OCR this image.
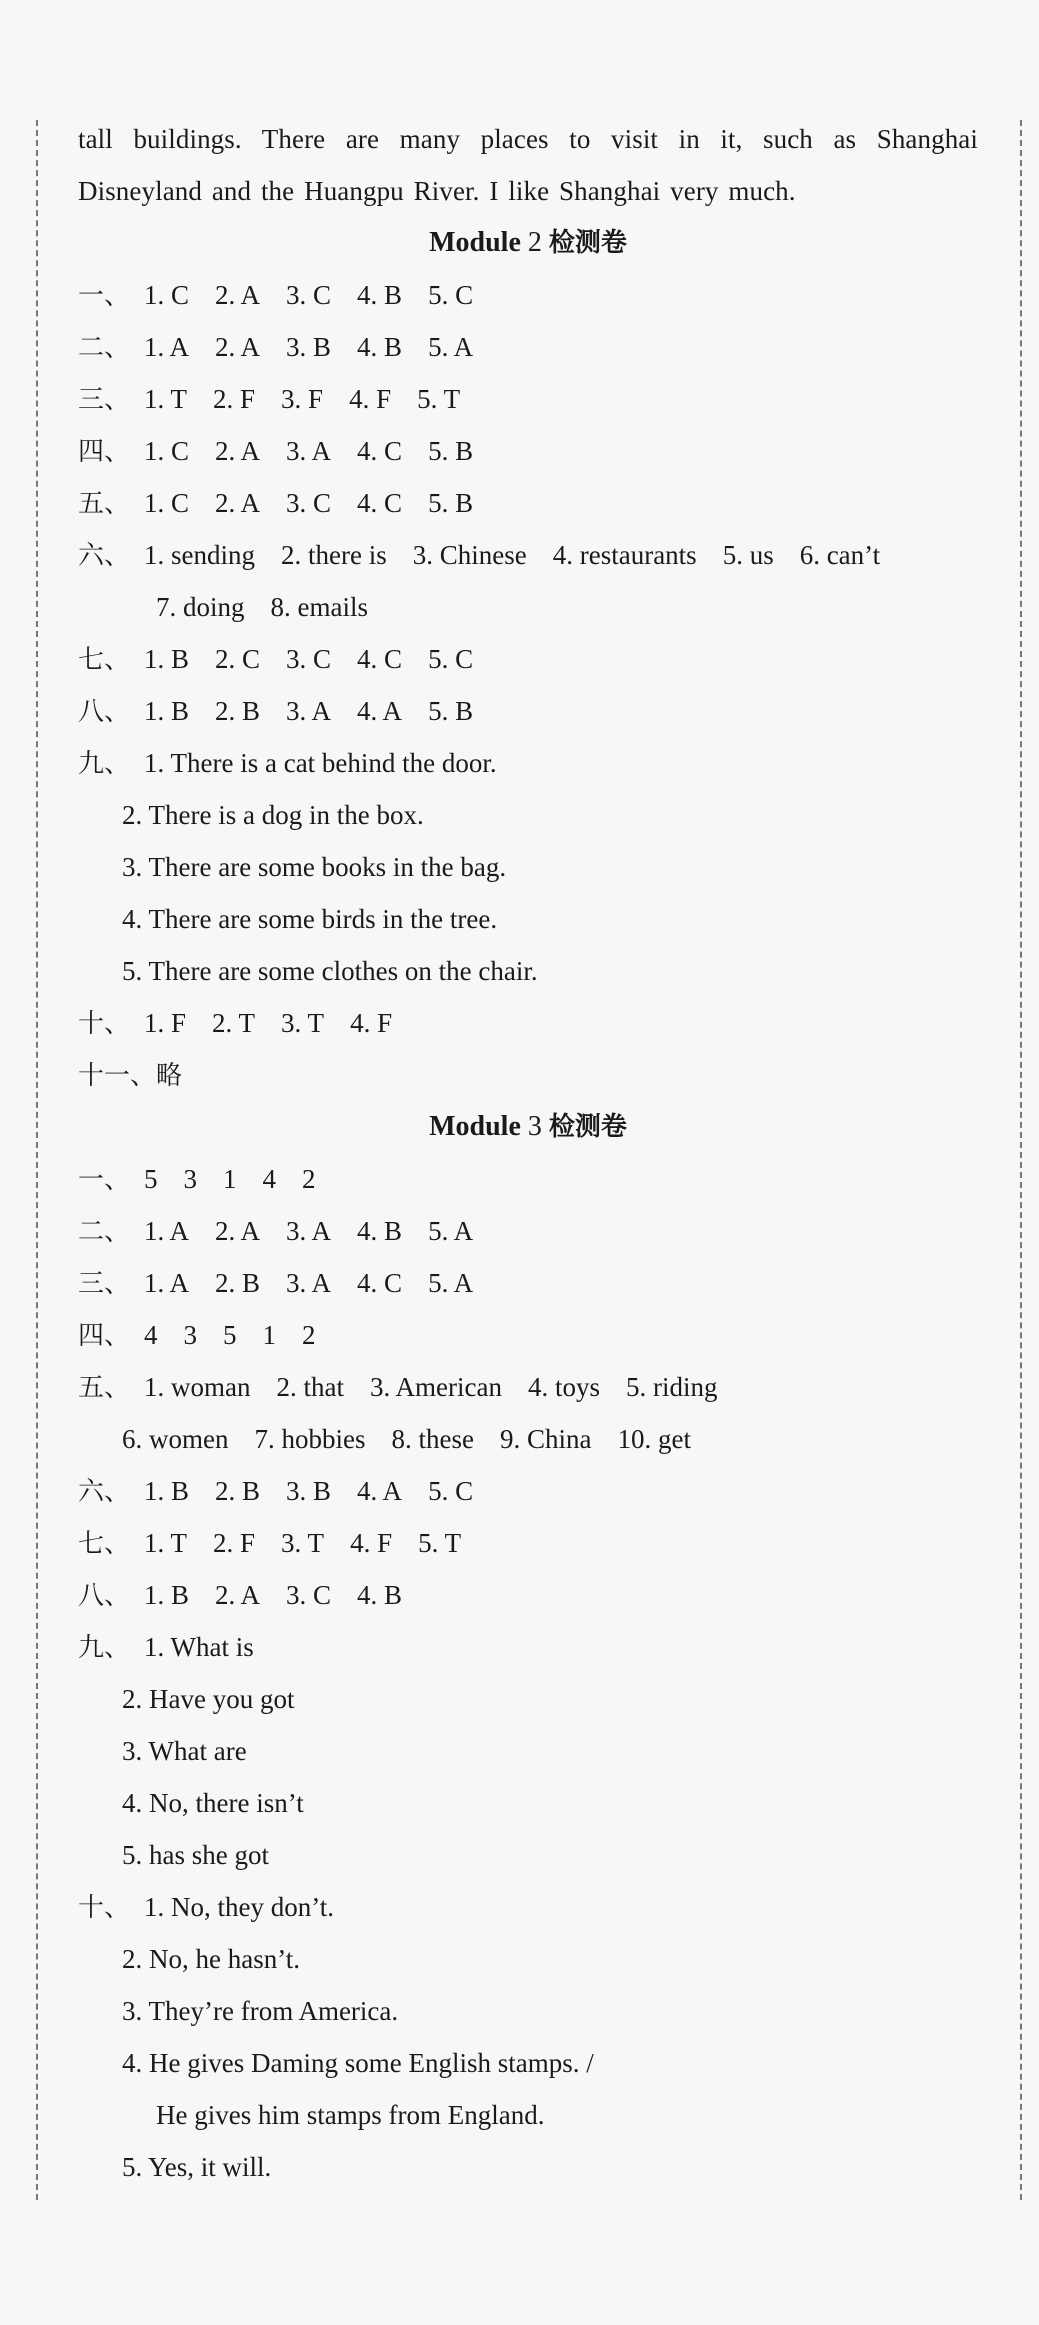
tall buildings. There are many places to visit in it, such as Shanghai
Disneyland and the Huangpu River. I like Shanghai very much.
Module 2 检测卷
一、 1. C 2. A 3. C 4. B 5. C
二、 1. A 2. A 3. B 4. B 5. A
三、 1. T 2. F 3. F 4. F 5. T
四、 1. C 2. A 3. A 4. C 5. B
五、 1. C 2. A 3. C 4. C 5. B
六、 1. sending 2. there is 3. Chinese 4. restaurants 5. us 6. can’t
7. doing 8. emails
七、 1. B 2. C 3. C 4. C 5. C
八、 1. B 2. B 3. A 4. A 5. B
九、 1. There is a cat behind the door.
2. There is a dog in the box.
3. There are some books in the bag.
4. There are some birds in the tree.
5. There are some clothes on the chair.
十、 1. F 2. T 3. T 4. F
十一、略
Module 3 检测卷
一、 5 3 1 4 2
二、 1. A 2. A 3. A 4. B 5. A
三、 1. A 2. B 3. A 4. C 5. A
四、 4 3 5 1 2
五、 1. woman 2. that 3. American 4. toys 5. riding
6. women 7. hobbies 8. these 9. China 10. get
六、 1. B 2. B 3. B 4. A 5. C
七、 1. T 2. F 3. T 4. F 5. T
八、 1. B 2. A 3. C 4. B
九、 1. What is
2. Have you got
3. What are
4. No, there isn’t
5. has she got
十、 1. No, they don’t.
2. No, he hasn’t.
3. They’re from America.
4. He gives Daming some English stamps. /
He gives him stamps from England.
5. Yes, it will.
